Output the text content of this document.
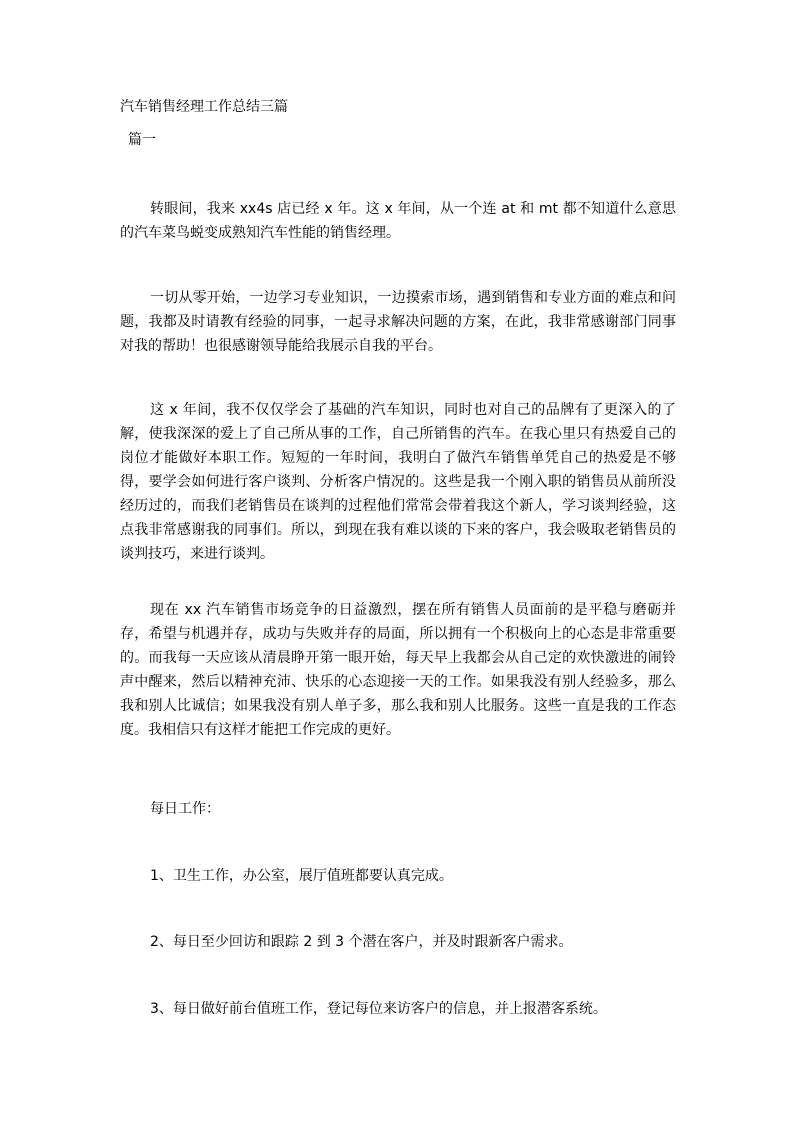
汽车销售经理工作总结三篇
篇一

转眼间，我来 xx4s 店已经 x 年。这 x 年间，从一个连 at 和 mt 都不知道什么意思的汽车菜鸟蜕变成熟知汽车性能的销售经理。

一切从零开始，一边学习专业知识，一边摸索市场，遇到销售和专业方面的难点和问题，我都及时请教有经验的同事，一起寻求解决问题的方案，在此，我非常感谢部门同事对我的帮助！也很感谢领导能给我展示自我的平台。

这 x 年间，我不仅仅学会了基础的汽车知识，同时也对自己的品牌有了更深入的了解，使我深深的爱上了自己所从事的工作，自己所销售的汽车。在我心里只有热爱自己的岗位才能做好本职工作。短短的一年时间，我明白了做汽车销售单凭自己的热爱是不够得，要学会如何进行客户谈判、分析客户情况的。这些是我一个刚入职的销售员从前所没经历过的，而我们老销售员在谈判的过程他们常常会带着我这个新人，学习谈判经验，这点我非常感谢我的同事们。所以，到现在我有难以谈的下来的客户，我会吸取老销售员的谈判技巧，来进行谈判。

现在 xx 汽车销售市场竞争的日益激烈，摆在所有销售人员面前的是平稳与磨砺并存，希望与机遇并存，成功与失败并存的局面，所以拥有一个积极向上的心态是非常重要的。而我每一天应该从清晨睁开第一眼开始，每天早上我都会从自己定的欢快激进的闹铃声中醒来，然后以精神充沛、快乐的心态迎接一天的工作。如果我没有别人经验多，那么我和别人比诚信；如果我没有别人单子多，那么我和别人比服务。这些一直是我的工作态度。我相信只有这样才能把工作完成的更好。

每日工作：
1、卫生工作，办公室，展厅值班都要认真完成。
2、每日至少回访和跟踪 2 到 3 个潜在客户，并及时跟新客户需求。
3、每日做好前台值班工作，登记每位来访客户的信息，并上报潜客系统。
